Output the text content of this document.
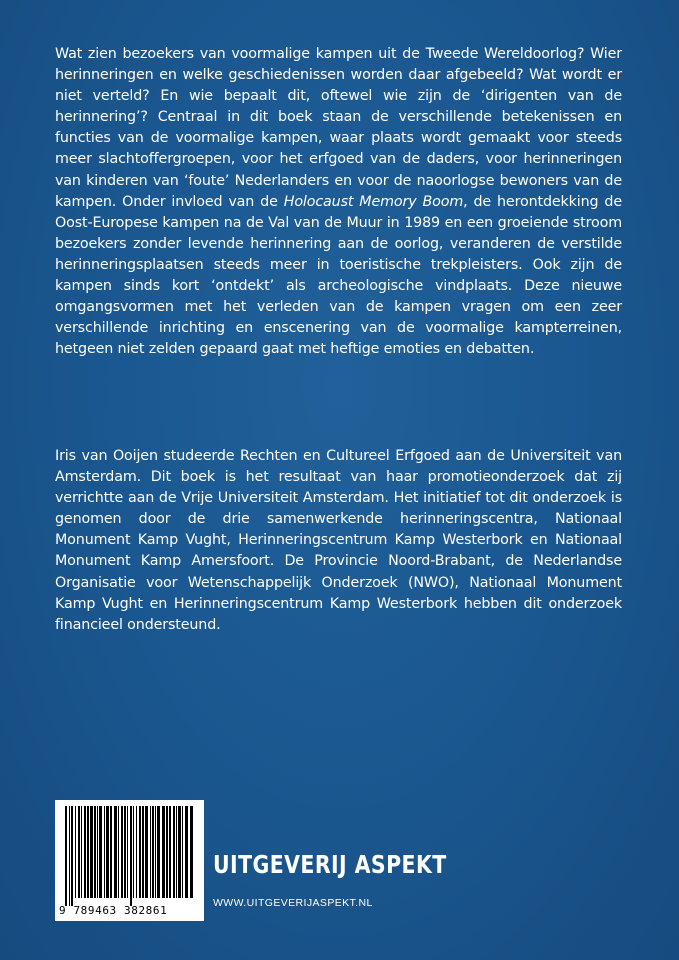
Wat zien bezoekers van voormalige kampen uit de Tweede Wereldoorlog? Wier herinneringen en welke geschiedenissen worden daar afgebeeld? Wat wordt er niet verteld? En wie bepaalt dit, oftewel wie zijn de ‘dirigenten van de herinnering’? Centraal in dit boek staan de verschillende betekenissen en functies van de voormalige kampen, waar plaats wordt gemaakt voor steeds meer slachtoffergroepen, voor het erfgoed van de daders, voor herinneringen van kinderen van ‘foute’ Nederlanders en voor de naoorlogse bewoners van de kampen. Onder invloed van de Holocaust Memory Boom, de herontdekking de Oost-Europese kampen na de Val van de Muur in 1989 en een groeiende stroom bezoekers zonder levende herinnering aan de oorlog, veranderen de verstilde herinneringsplaatsen steeds meer in toeristische trekpleisters. Ook zijn de kampen sinds kort ‘ontdekt’ als archeologische vindplaats. Deze nieuwe omgangsvormen met het verleden van de kampen vragen om een zeer verschillende inrichting en enscenering van de voormalige kampterreinen, hetgeen niet zelden gepaard gaat met heftige emoties en debatten.
Iris van Ooijen studeerde Rechten en Cultureel Erfgoed aan de Universiteit van Amsterdam. Dit boek is het resultaat van haar promotieonderzoek dat zij verrichtte aan de Vrije Universiteit Amsterdam. Het initiatief tot dit onderzoek is genomen door de drie samenwerkende herinneringscentra, Nationaal Monument Kamp Vught, Herinneringscentrum Kamp Westerbork en Nationaal Monument Kamp Amersfoort. De Provincie Noord-Brabant, de Nederlandse Organisatie voor Wetenschappelijk Onderzoek (NWO), Nationaal Monument Kamp Vught en Herinneringscentrum Kamp Westerbork hebben dit onderzoek financieel ondersteund.
9 789463 382861
UITGEVERIJ ASPEKT
WWW.UITGEVERIJASPEKT.NL
